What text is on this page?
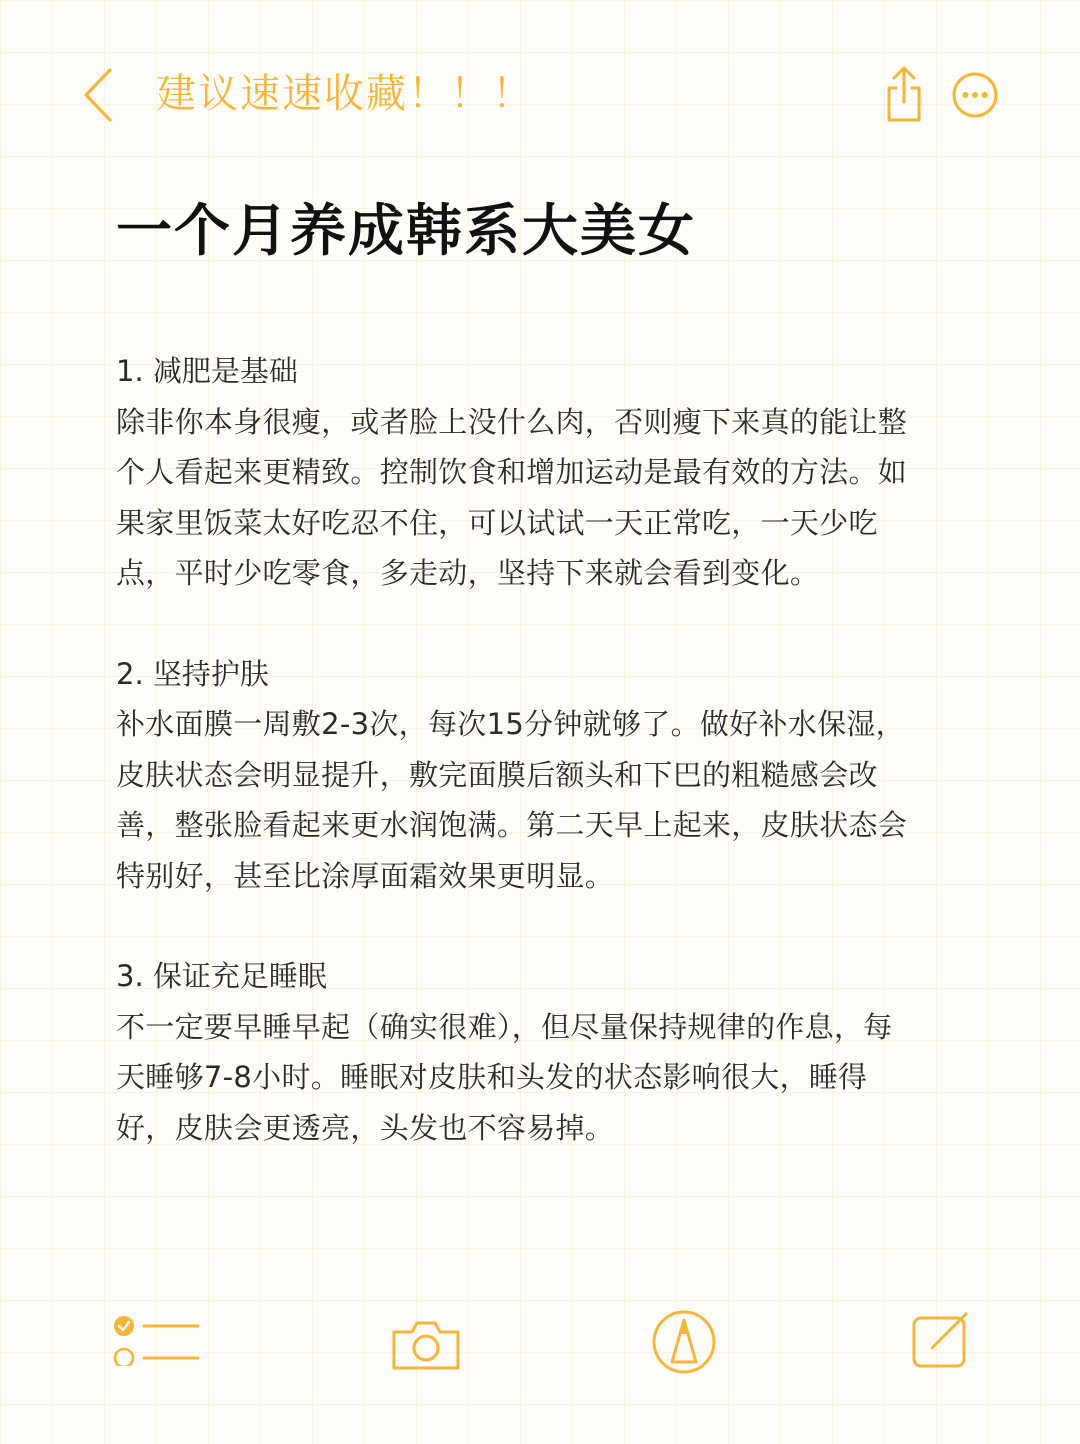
建议速速收藏！！！
一个月养成韩系大美女

1. 减肥是基础

除非你本身很瘦，或者脸上没什么肉，否则瘦下来真的能让整个人看起来更精致。控制饮食和增加运动是最有效的方法。如果家里饭菜太好吃忍不住，可以试试一天正常吃，一天少吃点，平时少吃零食，多走动，坚持下来就会看到变化。

2. 坚持护肤

补水面膜一周敷2-3次，每次15分钟就够了。做好补水保湿，皮肤状态会明显提升，敷完面膜后额头和下巴的粗糙感会改善，整张脸看起来更水润饱满。第二天早上起来，皮肤状态会特别好，甚至比涂厚面霜效果更明显。

3. 保证充足睡眠

不一定要早睡早起（确实很难），但尽量保持规律的作息，每天睡够7-8小时。睡眠对皮肤和头发的状态影响很大，睡得好，皮肤会更透亮，头发也不容易掉。
